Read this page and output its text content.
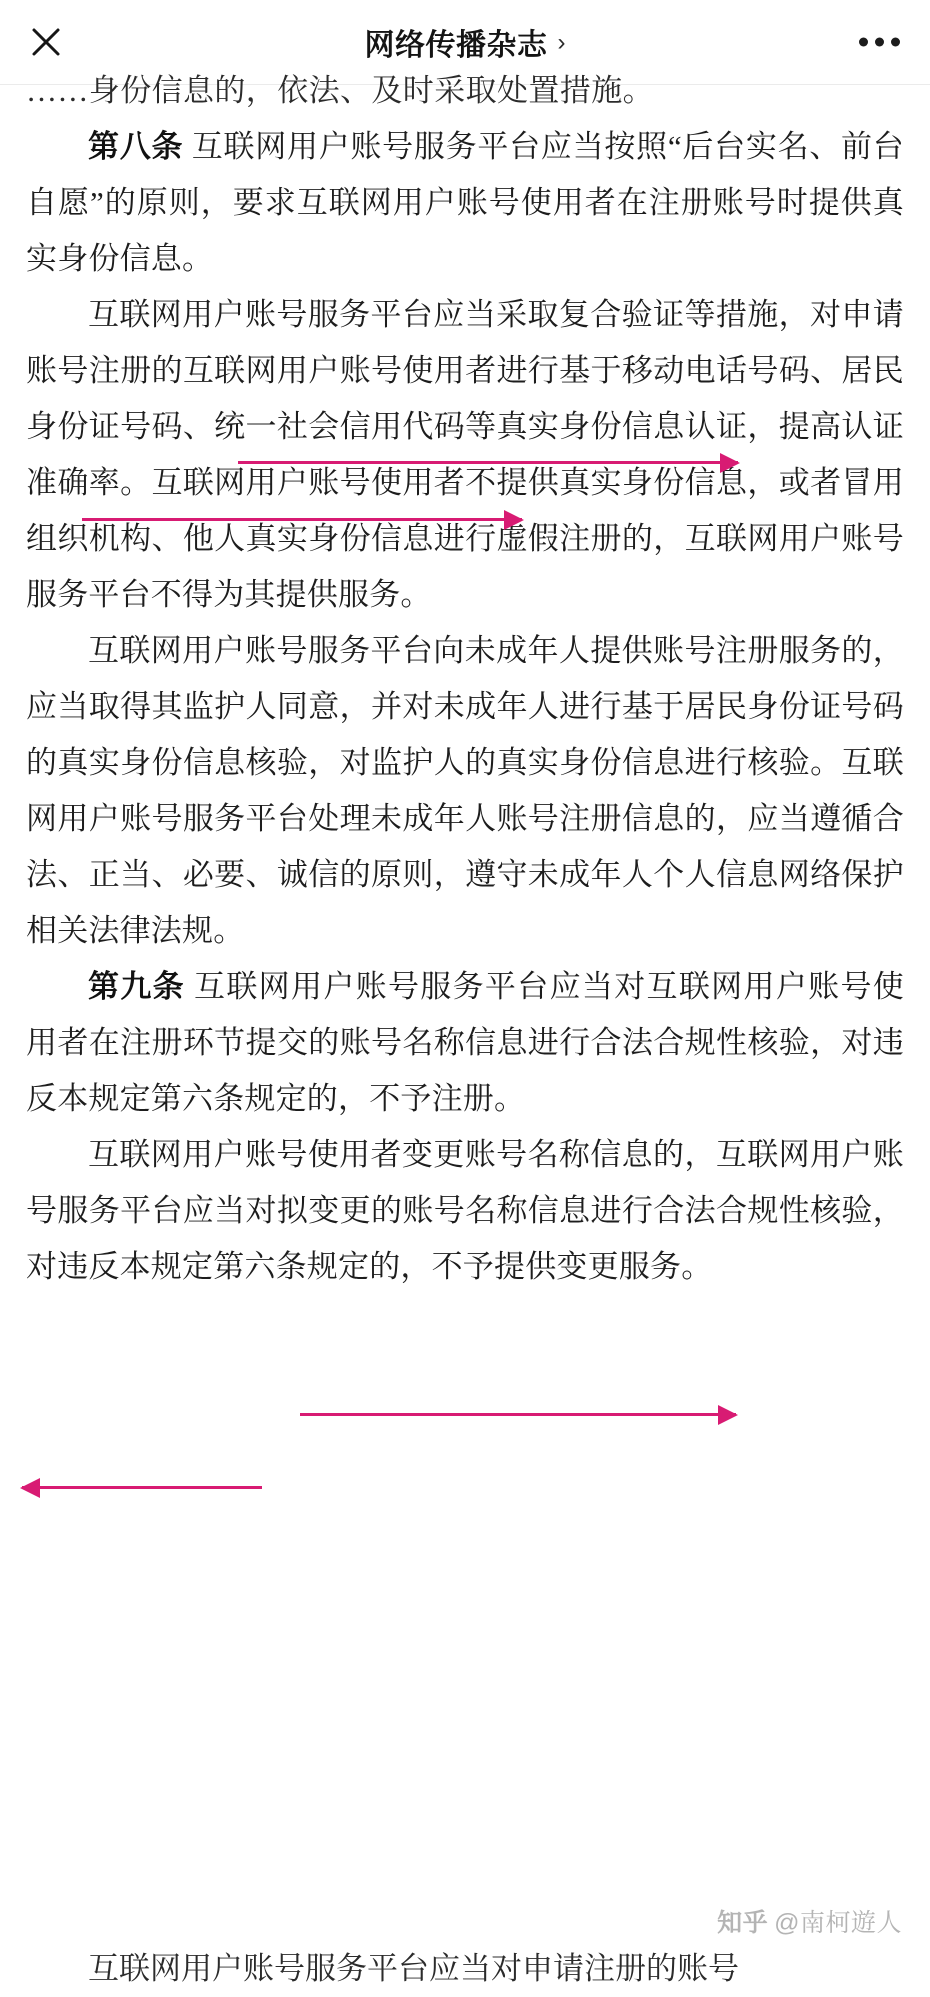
网络传播杂志 ›
……身份信息的，依法、及时采取处置措施。

第八条 互联网用户账号服务平台应当按照“后台实名、前台自愿”的原则，要求互联网用户账号使用者在注册账号时提供真实身份信息。

互联网用户账号服务平台应当采取复合验证等措施，对申请账号注册的互联网用户账号使用者进行基于移动电话号码、居民身份证号码、统一社会信用代码等真实身份信息认证，提高认证准确率。互联网用户账号使用者不提供真实身份信息，或者冒用组织机构、他人真实身份信息进行虚假注册的，互联网用户账号服务平台不得为其提供服务。

互联网用户账号服务平台向未成年人提供账号注册服务的，应当取得其监护人同意，并对未成年人进行基于居民身份证号码的真实身份信息核验，对监护人的真实身份信息进行核验。互联网用户账号服务平台处理未成年人账号注册信息的，应当遵循合法、正当、必要、诚信的原则，遵守未成年人个人信息网络保护相关法律法规。

第九条 互联网用户账号服务平台应当对互联网用户账号使用者在注册环节提交的账号名称信息进行合法合规性核验，对违反本规定第六条规定的，不予注册。

互联网用户账号使用者变更账号名称信息的，互联网用户账号服务平台应当对拟变更的账号名称信息进行合法合规性核验，对违反本规定第六条规定的，不予提供变更服务。

知乎 @南柯遊人
互联网用户账号服务平台应当对申请注册的账号
